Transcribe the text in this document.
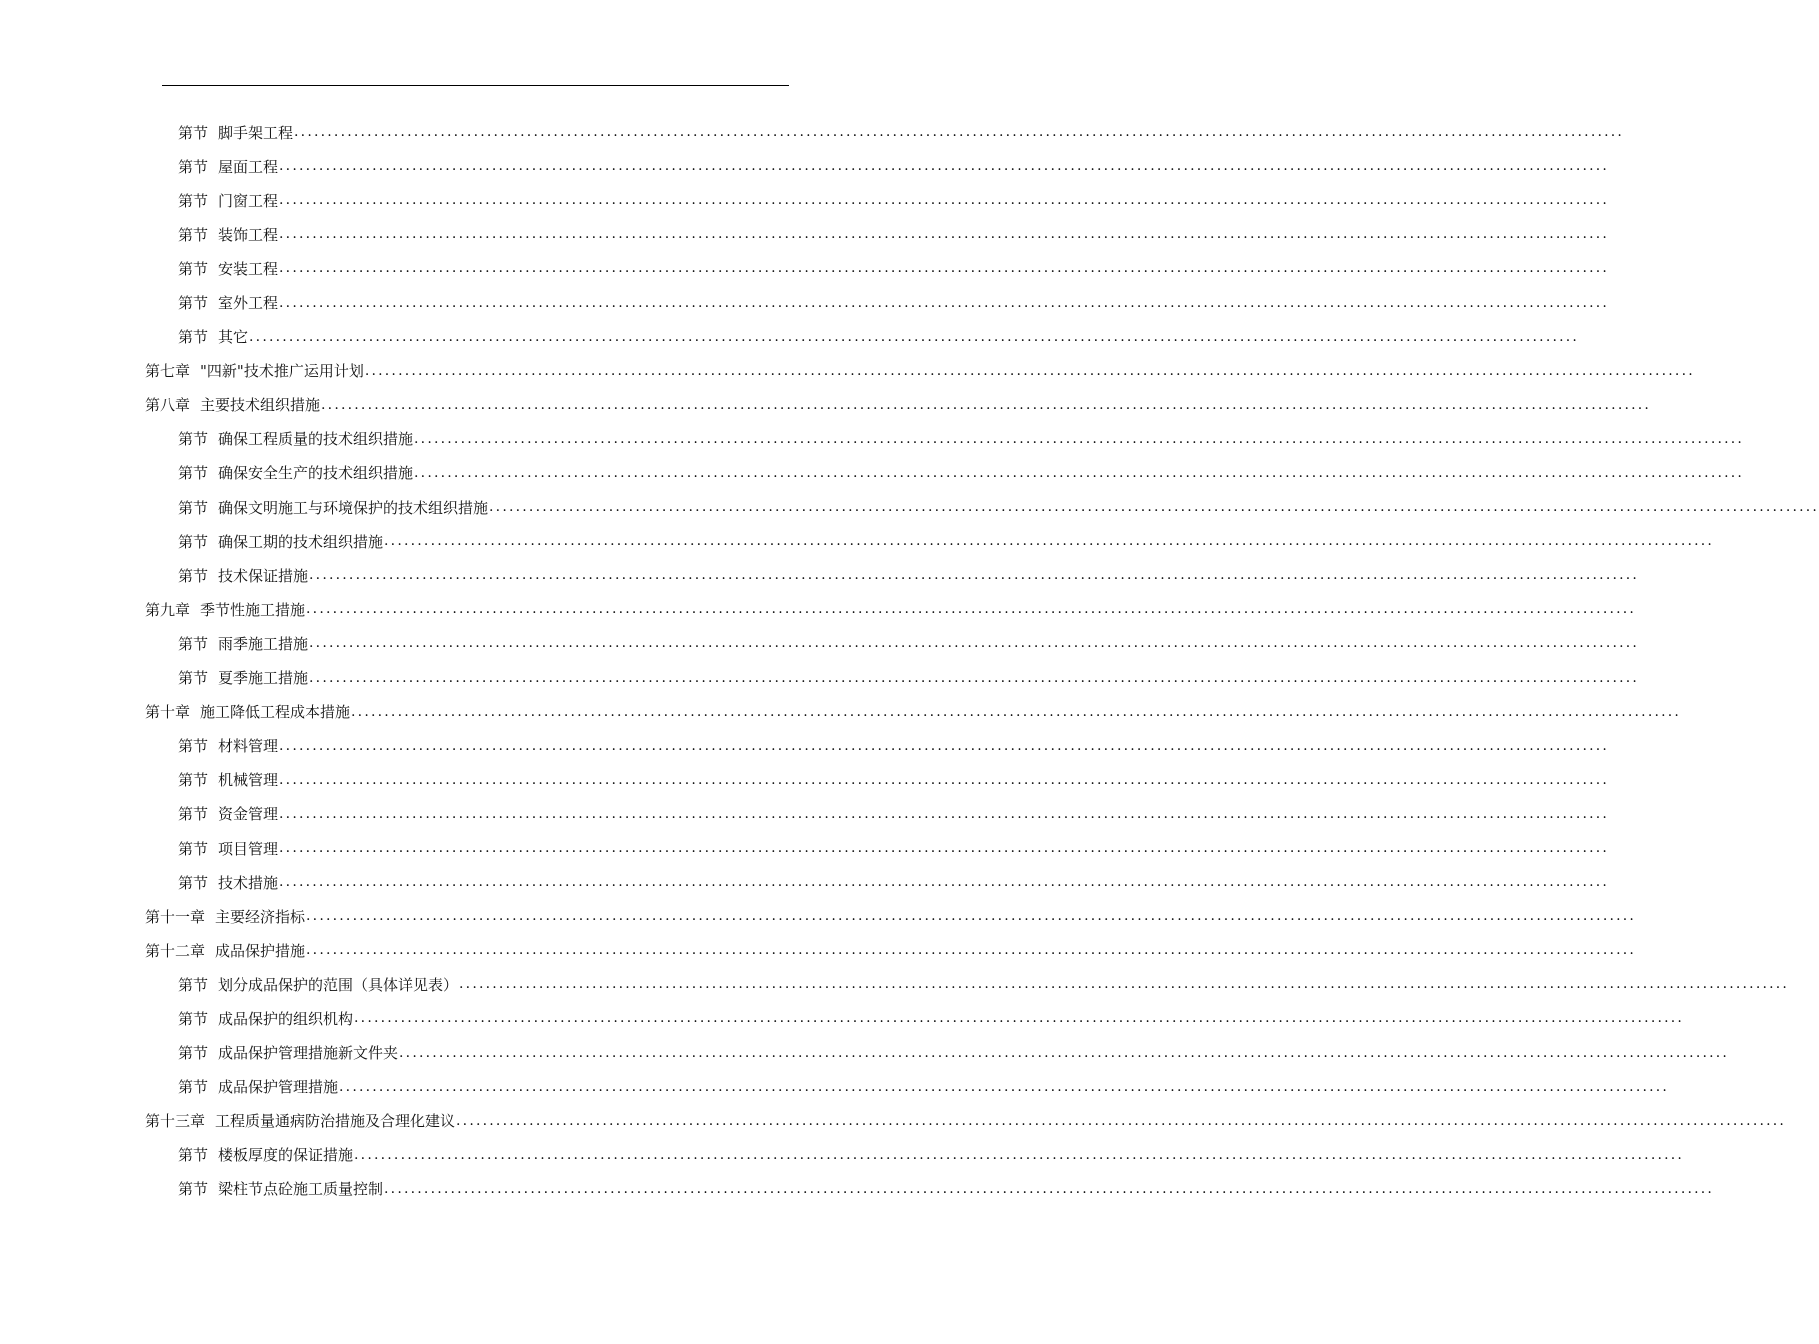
第节 脚手架工程 ........................................................................................................................................................................................................
第节 屋面工程 ........................................................................................................................................................................................................
第节 门窗工程 ........................................................................................................................................................................................................
第节 装饰工程 ........................................................................................................................................................................................................
第节 安装工程 ........................................................................................................................................................................................................
第节 室外工程 ........................................................................................................................................................................................................
第节 其它 ........................................................................................................................................................................................................
第七章 "四新"技术推广运用计划 ........................................................................................................................................................................................................
第八章 主要技术组织措施 ........................................................................................................................................................................................................
第节 确保工程质量的技术组织措施 ........................................................................................................................................................................................................
第节 确保安全生产的技术组织措施 ........................................................................................................................................................................................................
第节 确保文明施工与环境保护的技术组织措施 ........................................................................................................................................................................................................
第节 确保工期的技术组织措施 ........................................................................................................................................................................................................
第节 技术保证措施 ........................................................................................................................................................................................................
第九章 季节性施工措施 ........................................................................................................................................................................................................
第节 雨季施工措施 ........................................................................................................................................................................................................
第节 夏季施工措施 ........................................................................................................................................................................................................
第十章 施工降低工程成本措施 ........................................................................................................................................................................................................
第节 材料管理 ........................................................................................................................................................................................................
第节 机械管理 ........................................................................................................................................................................................................
第节 资金管理 ........................................................................................................................................................................................................
第节 项目管理 ........................................................................................................................................................................................................
第节 技术措施 ........................................................................................................................................................................................................
第十一章 主要经济指标 ........................................................................................................................................................................................................
第十二章 成品保护措施 ........................................................................................................................................................................................................
第节 划分成品保护的范围（具体详见表） ........................................................................................................................................................................................................
第节 成品保护的组织机构 ........................................................................................................................................................................................................
第节 成品保护管理措施新文件夹 ........................................................................................................................................................................................................
第节 成品保护管理措施 ........................................................................................................................................................................................................
第十三章 工程质量通病防治措施及合理化建议 ........................................................................................................................................................................................................
第节 楼板厚度的保证措施 ........................................................................................................................................................................................................
第节 梁柱节点砼施工质量控制 ........................................................................................................................................................................................................
